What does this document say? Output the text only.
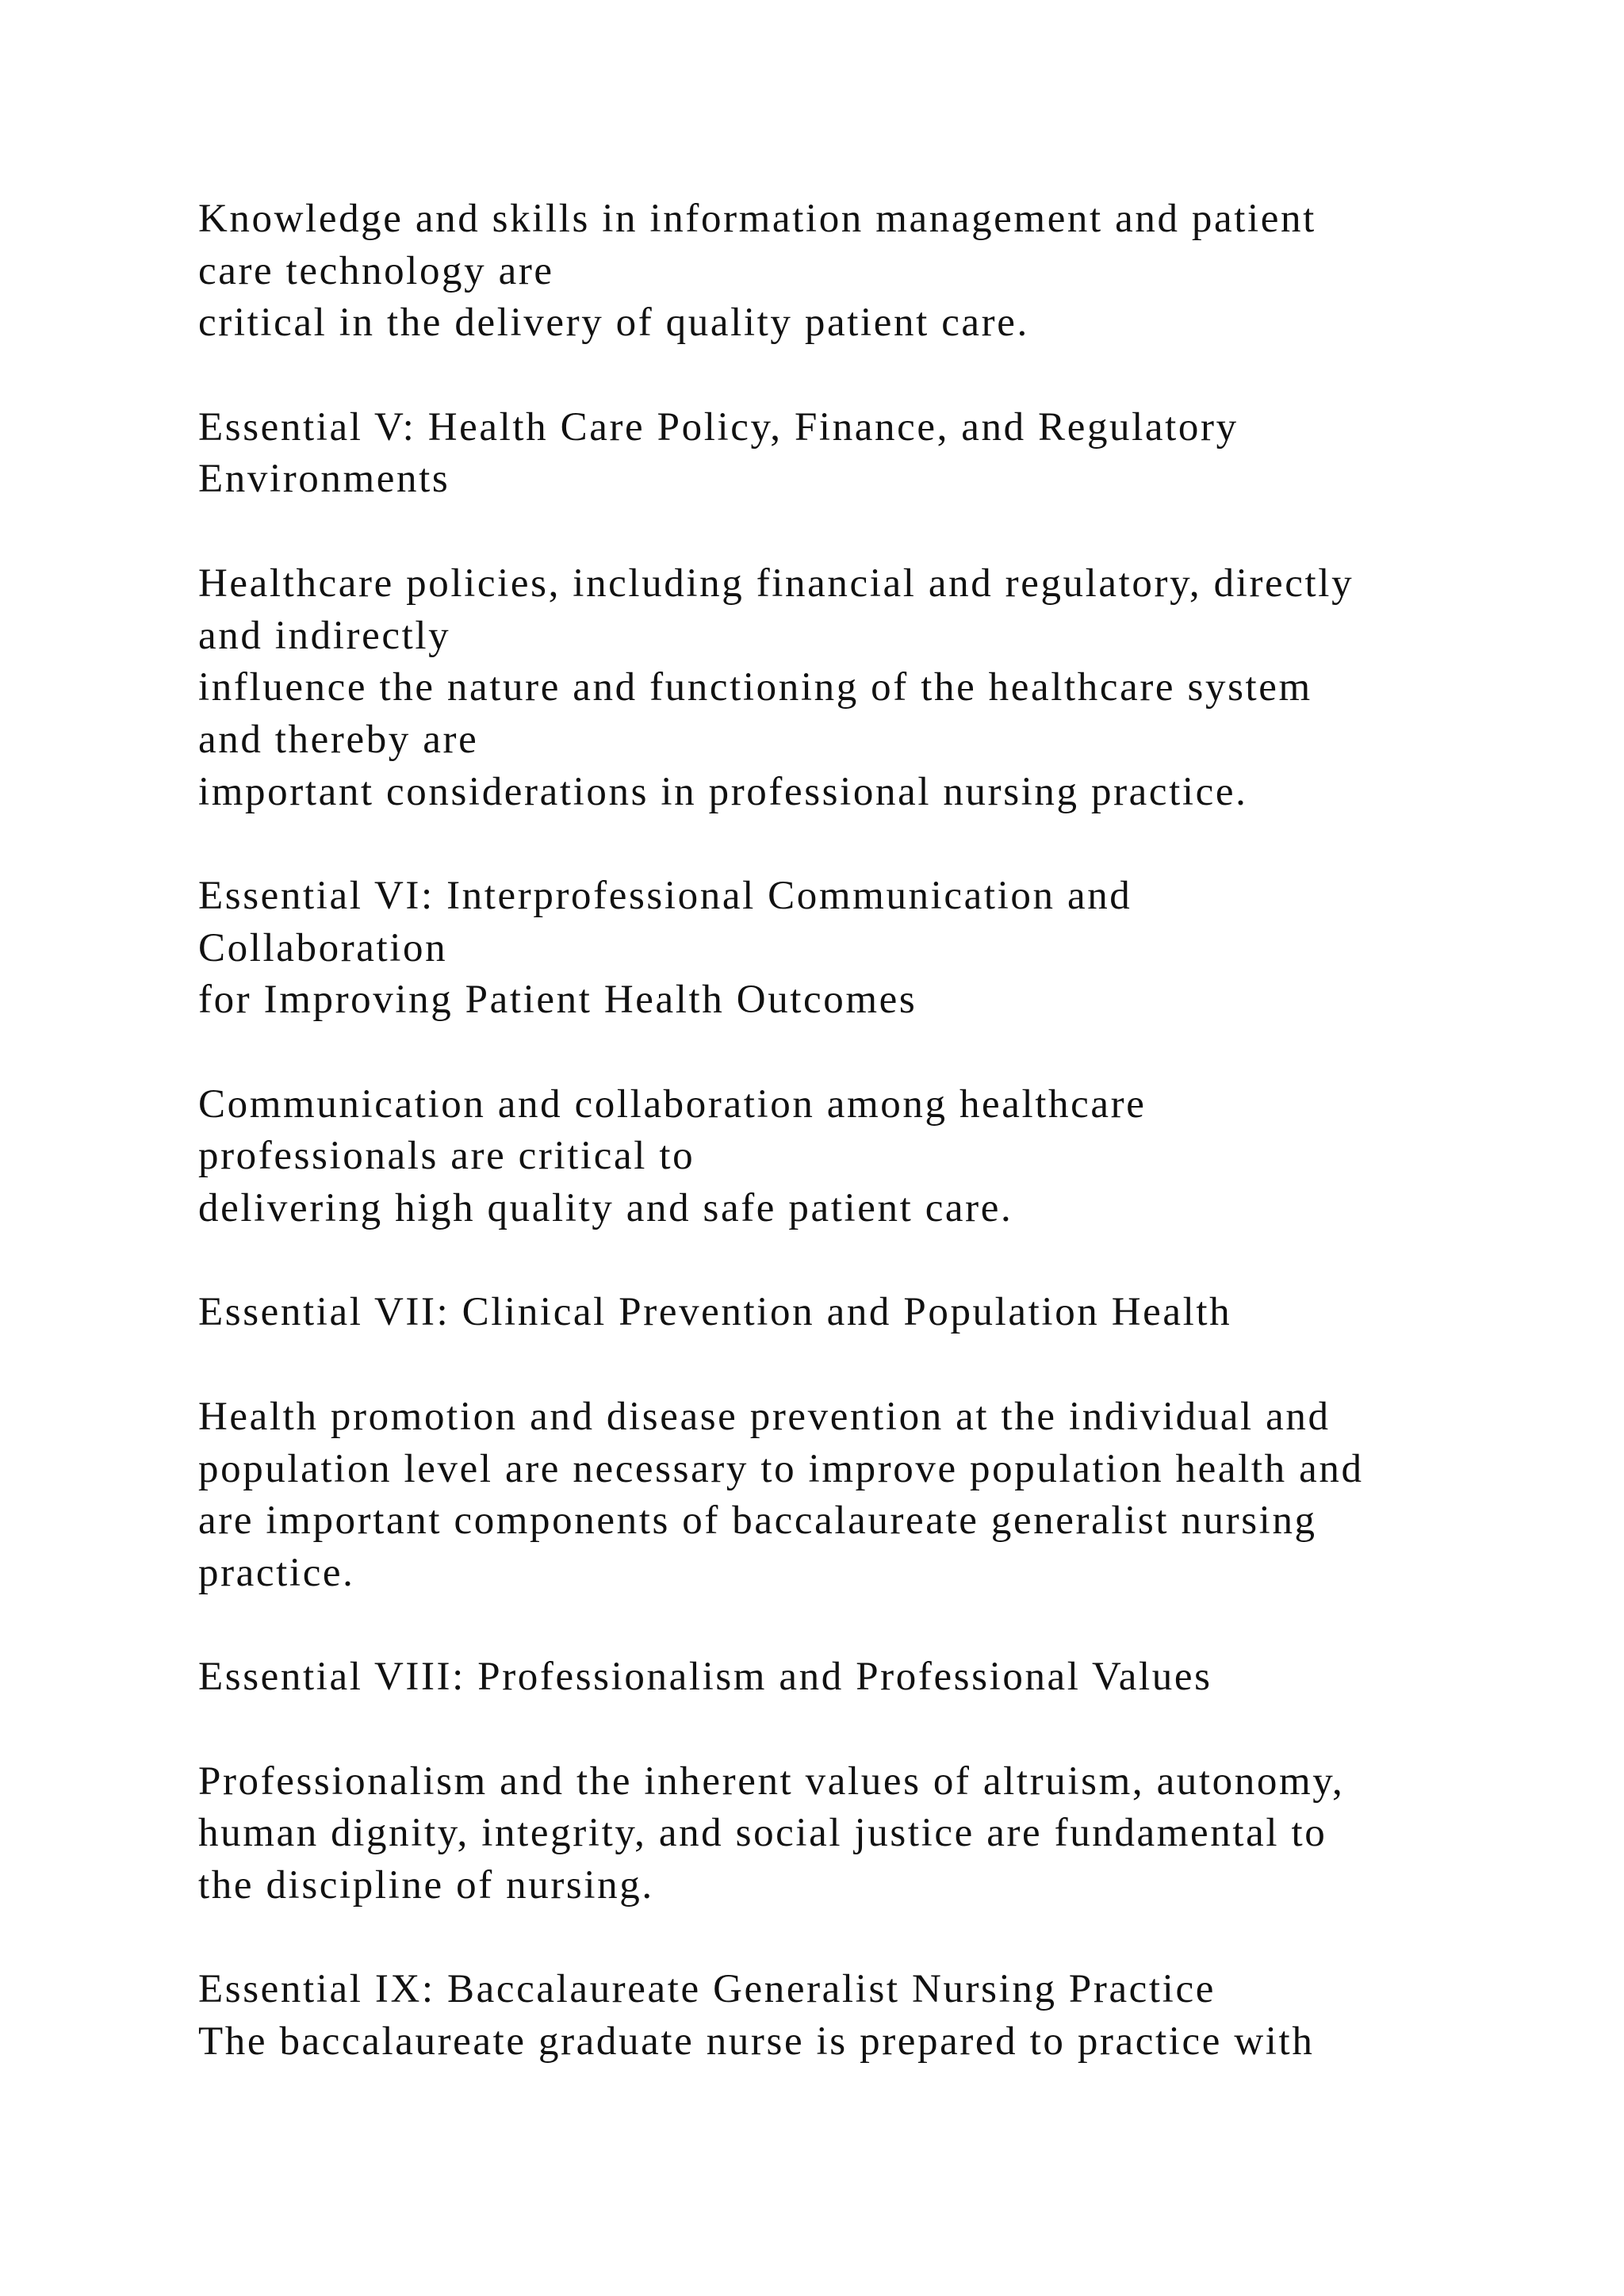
Knowledge and skills in information management and patient
care technology are
critical in the delivery of quality patient care.
Essential V: Health Care Policy, Finance, and Regulatory
Environments
Healthcare policies, including financial and regulatory, directly
and indirectly
influence the nature and functioning of the healthcare system
and thereby are
important considerations in professional nursing practice.
Essential VI: Interprofessional Communication and
Collaboration
for Improving Patient Health Outcomes
Communication and collaboration among healthcare
professionals are critical to
delivering high quality and safe patient care.
Essential VII: Clinical Prevention and Population Health
Health promotion and disease prevention at the individual and
population level are necessary to improve population health and
are important components of baccalaureate generalist nursing
practice.
Essential VIII: Professionalism and Professional Values
Professionalism and the inherent values of altruism, autonomy,
human dignity, integrity, and social justice are fundamental to
the discipline of nursing.
Essential IX: Baccalaureate Generalist Nursing Practice
The baccalaureate graduate nurse is prepared to practice with
